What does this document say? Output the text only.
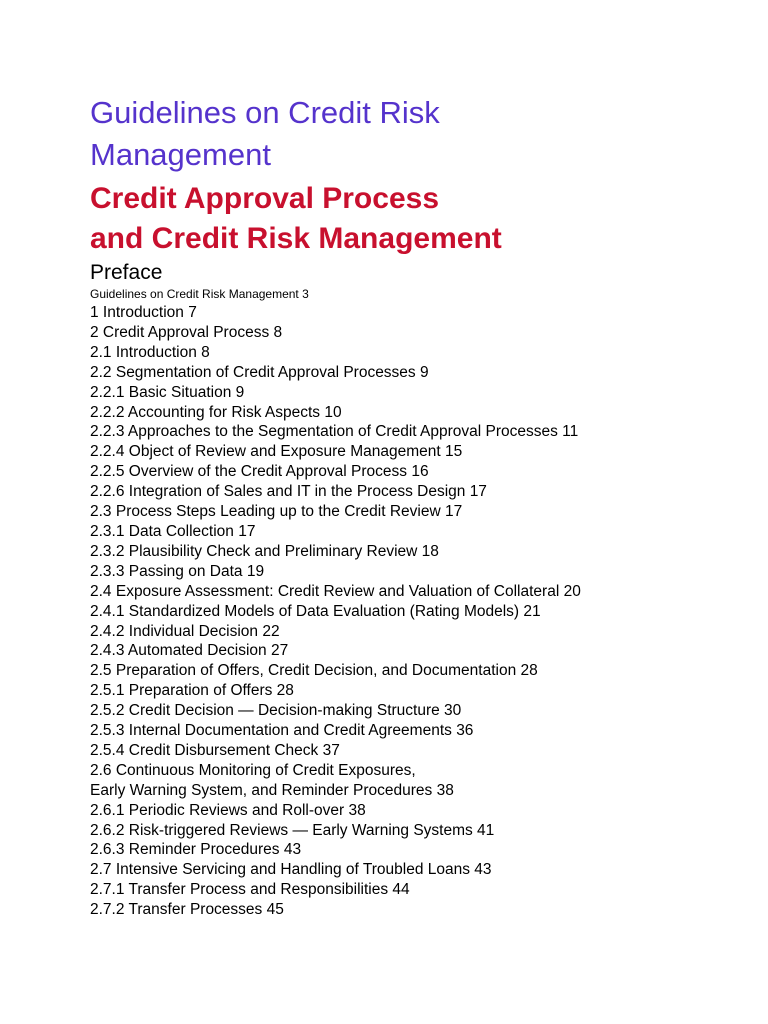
Guidelines on Credit Risk
Management
Credit Approval Process
and Credit Risk Management
Preface
Guidelines on Credit Risk Management 3
1 Introduction 7
2 Credit Approval Process 8
2.1 Introduction 8
2.2 Segmentation of Credit Approval Processes 9
2.2.1 Basic Situation 9
2.2.2 Accounting for Risk Aspects 10
2.2.3 Approaches to the Segmentation of Credit Approval Processes 11
2.2.4 Object of Review and Exposure Management 15
2.2.5 Overview of the Credit Approval Process 16
2.2.6 Integration of Sales and IT in the Process Design 17
2.3 Process Steps Leading up to the Credit Review 17
2.3.1 Data Collection 17
2.3.2 Plausibility Check and Preliminary Review 18
2.3.3 Passing on Data 19
2.4 Exposure Assessment: Credit Review and Valuation of Collateral 20
2.4.1 Standardized Models of Data Evaluation (Rating Models) 21
2.4.2 Individual Decision 22
2.4.3 Automated Decision 27
2.5 Preparation of Offers, Credit Decision, and Documentation 28
2.5.1 Preparation of Offers 28
2.5.2 Credit Decision — Decision-making Structure 30
2.5.3 Internal Documentation and Credit Agreements 36
2.5.4 Credit Disbursement Check 37
2.6 Continuous Monitoring of Credit Exposures,
Early Warning System, and Reminder Procedures 38
2.6.1 Periodic Reviews and Roll-over 38
2.6.2 Risk-triggered Reviews — Early Warning Systems 41
2.6.3 Reminder Procedures 43
2.7 Intensive Servicing and Handling of Troubled Loans 43
2.7.1 Transfer Process and Responsibilities 44
2.7.2 Transfer Processes 45
